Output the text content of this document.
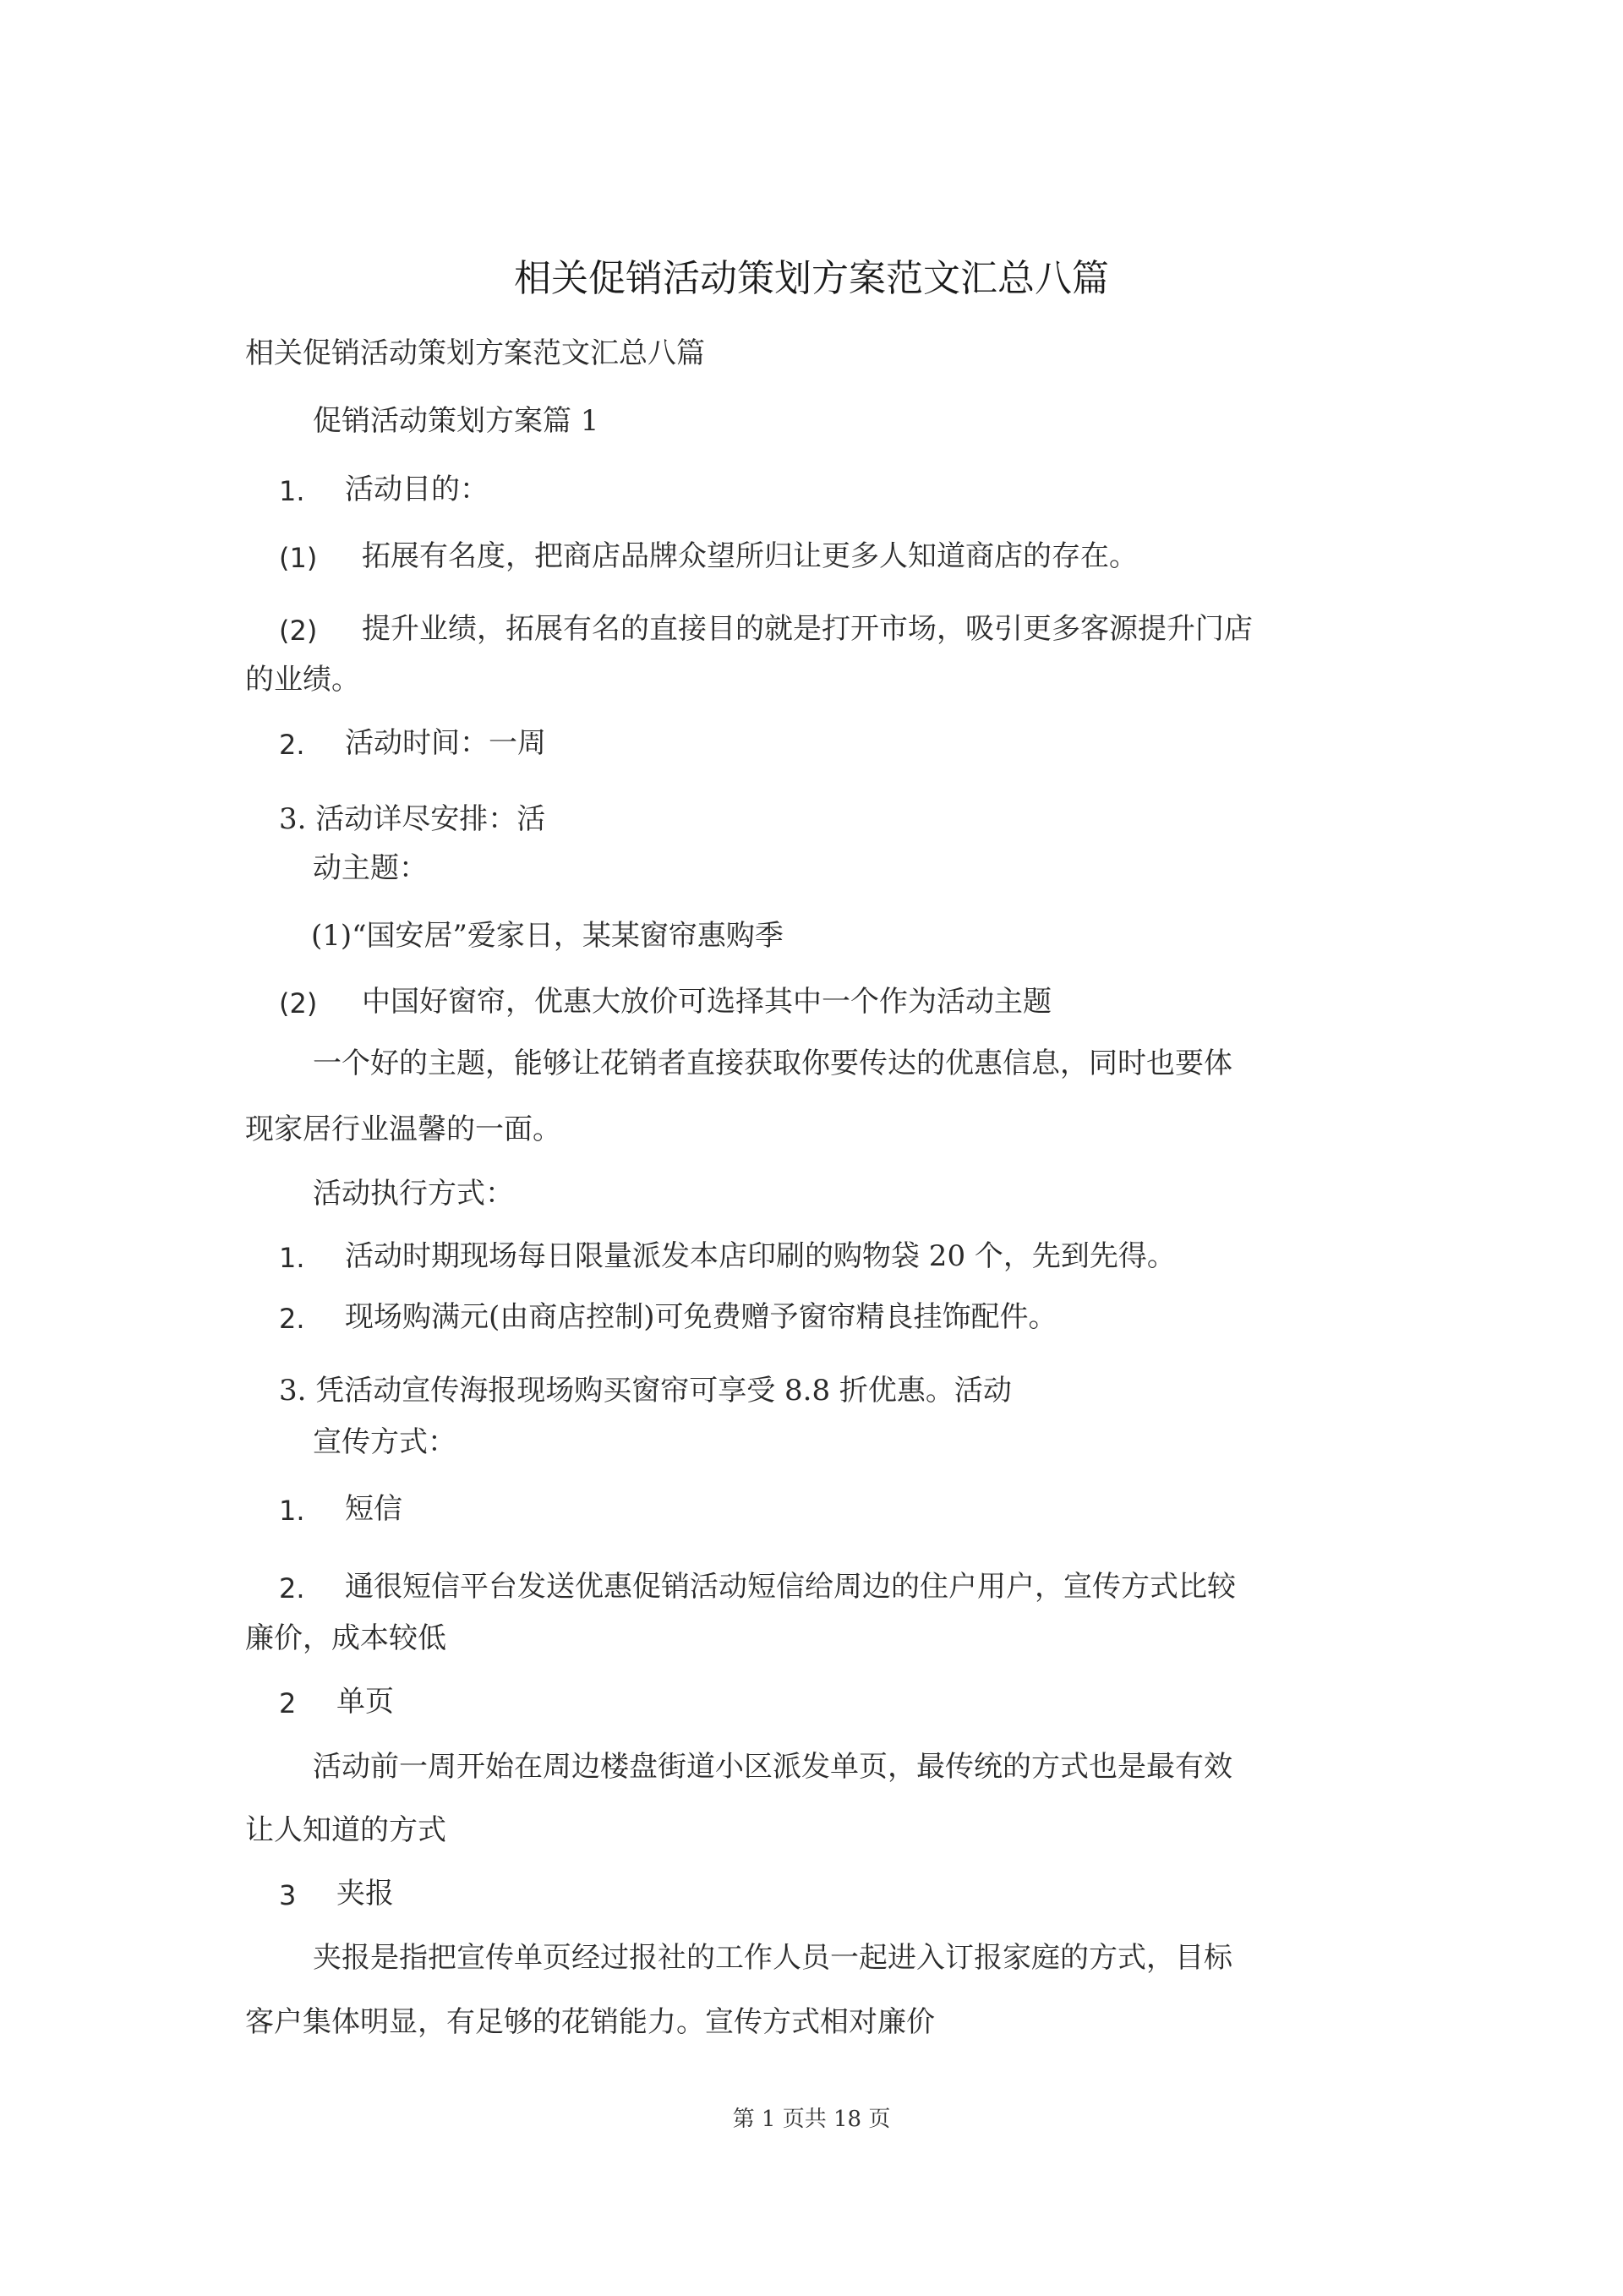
相关促销活动策划方案范文汇总八篇
相关促销活动策划方案范文汇总八篇
促销活动策划方案篇 1
1. 活动目的：
(1) 拓展有名度，把商店品牌众望所归让更多人知道商店的存在。
(2) 提升业绩，拓展有名的直接目的就是打开市场，吸引更多客源提升门店
的业绩。
2. 活动时间：一周
3. 活动详尽安排：活
动主题：
(1)“国安居”爱家日，某某窗帘惠购季
(2) 中国好窗帘，优惠大放价可选择其中一个作为活动主题
一个好的主题，能够让花销者直接获取你要传达的优惠信息，同时也要体
现家居行业温馨的一面。
活动执行方式：
1. 活动时期现场每日限量派发本店印刷的购物袋 20 个，先到先得。
2. 现场购满元(由商店控制)可免费赠予窗帘精良挂饰配件。
3. 凭活动宣传海报现场购买窗帘可享受 8.8 折优惠。活动
宣传方式：
1. 短信
2. 通很短信平台发送优惠促销活动短信给周边的住户用户，宣传方式比较
廉价，成本较低
2 单页
活动前一周开始在周边楼盘街道小区派发单页，最传统的方式也是最有效
让人知道的方式
3 夹报
夹报是指把宣传单页经过报社的工作人员一起进入订报家庭的方式，目标
客户集体明显，有足够的花销能力。宣传方式相对廉价
第 1 页共 18 页
